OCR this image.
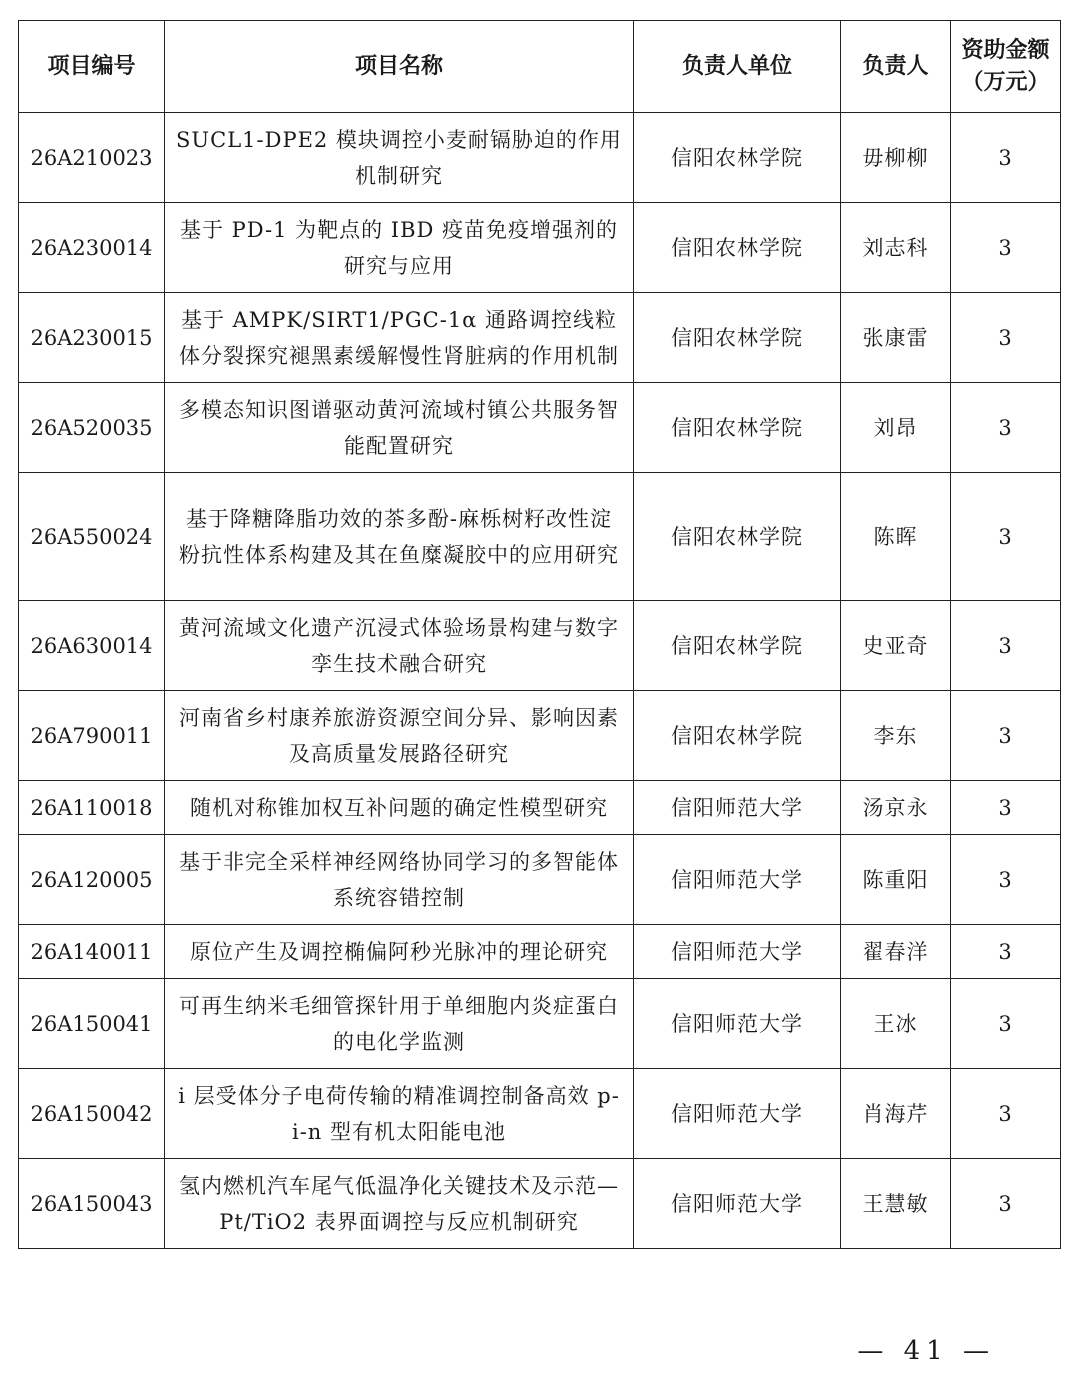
项目编号	项目名称	负责人单位	负责人	资助金额
（万元）
26A210023	SUCL1-DPE2 模块调控小麦耐镉胁迫的作用机制研究	信阳农林学院	毋柳柳	3
26A230014	基于 PD-1 为靶点的 IBD 疫苗免疫增强剂的研究与应用	信阳农林学院	刘志科	3
26A230015	基于 AMPK/SIRT1/PGC-1α 通路调控线粒体分裂探究褪黑素缓解慢性肾脏病的作用机制	信阳农林学院	张康雷	3
26A520035	多模态知识图谱驱动黄河流域村镇公共服务智能配置研究	信阳农林学院	刘昂	3
26A550024	基于降糖降脂功效的茶多酚-麻栎树籽改性淀粉抗性体系构建及其在鱼糜凝胶中的应用研究	信阳农林学院	陈晖	3
26A630014	黄河流域文化遗产沉浸式体验场景构建与数字孪生技术融合研究	信阳农林学院	史亚奇	3
26A790011	河南省乡村康养旅游资源空间分异、影响因素及高质量发展路径研究	信阳农林学院	李东	3
26A110018	随机对称锥加权互补问题的确定性模型研究	信阳师范大学	汤京永	3
26A120005	基于非完全采样神经网络协同学习的多智能体系统容错控制	信阳师范大学	陈重阳	3
26A140011	原位产生及调控椭偏阿秒光脉冲的理论研究	信阳师范大学	翟春洋	3
26A150041	可再生纳米毛细管探针用于单细胞内炎症蛋白的电化学监测	信阳师范大学	王冰	3
26A150042	i 层受体分子电荷传输的精准调控制备高效 p-i-n 型有机太阳能电池	信阳师范大学	肖海芹	3
26A150043	氢内燃机汽车尾气低温净化关键技术及示范—Pt/TiO2 表界面调控与反应机制研究	信阳师范大学	王慧敏	3
— 41 —
